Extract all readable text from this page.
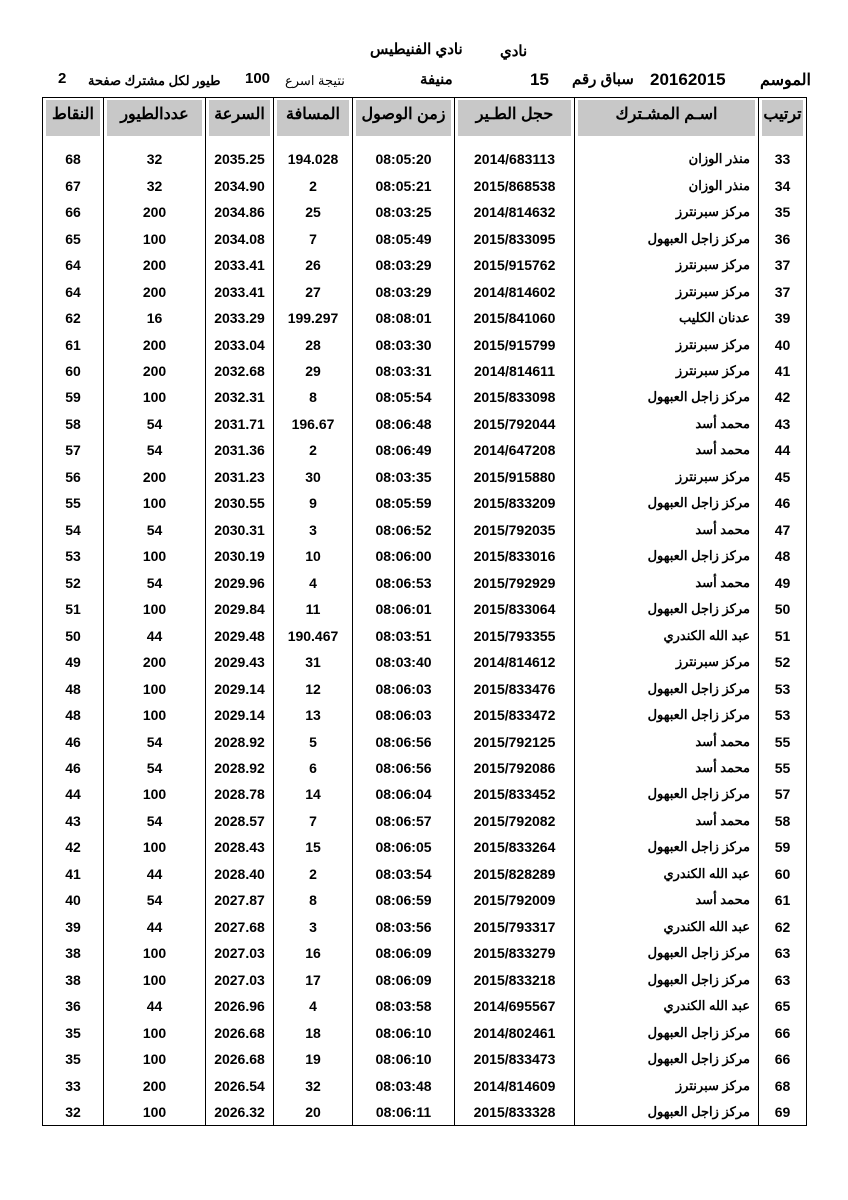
نادي
نادي الفنيطيس
الموسم
20162015
سباق رقم
15
منيفة
نتيجة اسرع
100
طيور لكل مشترك صفحة
2
ترتيب	اسـم المشـترك	حجل الطـير	زمن الوصول	المسافة	السرعة	عددالطيور	النقاط

33	منذر الوزان	2014/683113	08:05:20	194.028	2035.25	32	68
34	منذر الوزان	2015/868538	08:05:21	2	2034.90	32	67
35	مركز سبرنترز	2014/814632	08:03:25	25	2034.86	200	66
36	مركز زاجل العبهول	2015/833095	08:05:49	7	2034.08	100	65
37	مركز سبرنترز	2015/915762	08:03:29	26	2033.41	200	64
37	مركز سبرنترز	2014/814602	08:03:29	27	2033.41	200	64
39	عدنان الكليب	2015/841060	08:08:01	199.297	2033.29	16	62
40	مركز سبرنترز	2015/915799	08:03:30	28	2033.04	200	61
41	مركز سبرنترز	2014/814611	08:03:31	29	2032.68	200	60
42	مركز زاجل العبهول	2015/833098	08:05:54	8	2032.31	100	59
43	محمد أسد	2015/792044	08:06:48	196.67	2031.71	54	58
44	محمد أسد	2014/647208	08:06:49	2	2031.36	54	57
45	مركز سبرنترز	2015/915880	08:03:35	30	2031.23	200	56
46	مركز زاجل العبهول	2015/833209	08:05:59	9	2030.55	100	55
47	محمد أسد	2015/792035	08:06:52	3	2030.31	54	54
48	مركز زاجل العبهول	2015/833016	08:06:00	10	2030.19	100	53
49	محمد أسد	2015/792929	08:06:53	4	2029.96	54	52
50	مركز زاجل العبهول	2015/833064	08:06:01	11	2029.84	100	51
51	عبد الله الكندري	2015/793355	08:03:51	190.467	2029.48	44	50
52	مركز سبرنترز	2014/814612	08:03:40	31	2029.43	200	49
53	مركز زاجل العبهول	2015/833476	08:06:03	12	2029.14	100	48
53	مركز زاجل العبهول	2015/833472	08:06:03	13	2029.14	100	48
55	محمد أسد	2015/792125	08:06:56	5	2028.92	54	46
55	محمد أسد	2015/792086	08:06:56	6	2028.92	54	46
57	مركز زاجل العبهول	2015/833452	08:06:04	14	2028.78	100	44
58	محمد أسد	2015/792082	08:06:57	7	2028.57	54	43
59	مركز زاجل العبهول	2015/833264	08:06:05	15	2028.43	100	42
60	عبد الله الكندري	2015/828289	08:03:54	2	2028.40	44	41
61	محمد أسد	2015/792009	08:06:59	8	2027.87	54	40
62	عبد الله الكندري	2015/793317	08:03:56	3	2027.68	44	39
63	مركز زاجل العبهول	2015/833279	08:06:09	16	2027.03	100	38
63	مركز زاجل العبهول	2015/833218	08:06:09	17	2027.03	100	38
65	عبد الله الكندري	2014/695567	08:03:58	4	2026.96	44	36
66	مركز زاجل العبهول	2014/802461	08:06:10	18	2026.68	100	35
66	مركز زاجل العبهول	2015/833473	08:06:10	19	2026.68	100	35
68	مركز سبرنترز	2014/814609	08:03:48	32	2026.54	200	33
69	مركز زاجل العبهول	2015/833328	08:06:11	20	2026.32	100	32
